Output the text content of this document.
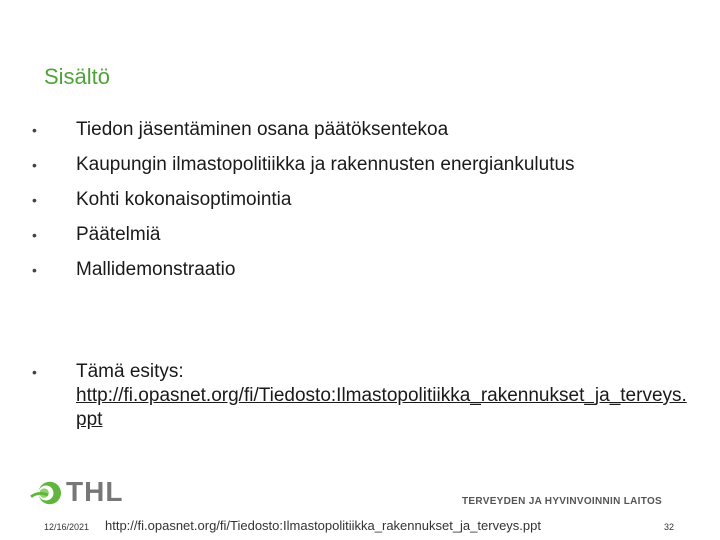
Sisältö
• Tiedon jäsentäminen osana päätöksentekoa
• Kaupungin ilmastopolitiikka ja rakennusten energiankulutus
• Kohti kokonaisoptimointia
• Päätelmiä
• Mallidemonstraatio
• Tämä esitys:
http://fi.opasnet.org/fi/Tiedosto:Ilmastopolitiikka_rakennukset_ja_terveys.ppt
THL	TERVEYDEN JA HYVINVOINNIN LAITOS
12/16/2021 http://fi.opasnet.org/fi/Tiedosto:Ilmastopolitiikka_rakennukset_ja_terveys.ppt	32
